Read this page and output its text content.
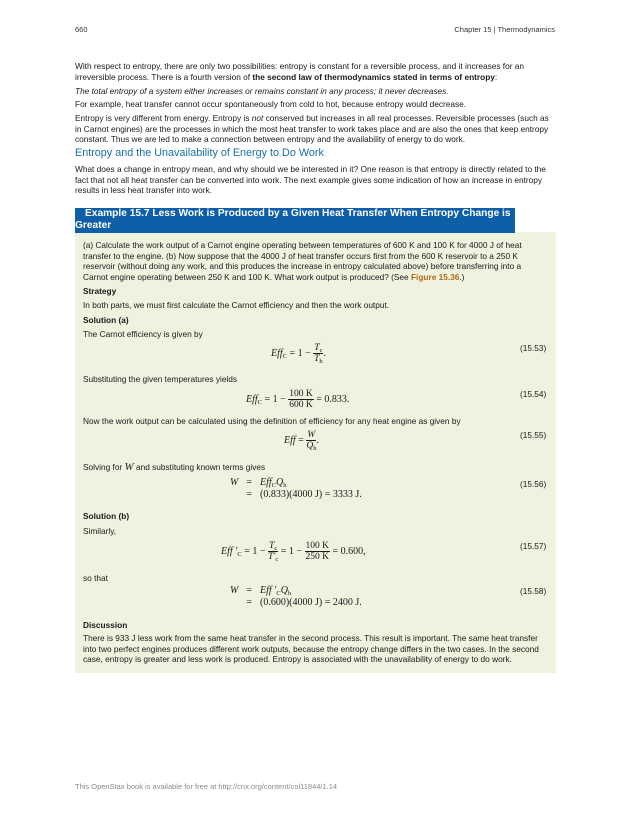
660	Chapter 15 | Thermodynamics
With respect to entropy, there are only two possibilities: entropy is constant for a reversible process, and it increases for an irreversible process. There is a fourth version of the second law of thermodynamics stated in terms of entropy:
The total entropy of a system either increases or remains constant in any process; it never decreases.
For example, heat transfer cannot occur spontaneously from cold to hot, because entropy would decrease.
Entropy is very different from energy. Entropy is not conserved but increases in all real processes. Reversible processes (such as in Carnot engines) are the processes in which the most heat transfer to work takes place and are also the ones that keep entropy constant. Thus we are led to make a connection between entropy and the availability of energy to do work.
Entropy and the Unavailability of Energy to Do Work
What does a change in entropy mean, and why should we be interested in it? One reason is that entropy is directly related to the fact that not all heat transfer can be converted into work. The next example gives some indication of how an increase in entropy results in less heat transfer into work.
Example 15.7 Less Work is Produced by a Given Heat Transfer When Entropy Change is Greater
(a) Calculate the work output of a Carnot engine operating between temperatures of 600 K and 100 K for 4000 J of heat transfer to the engine. (b) Now suppose that the 4000 J of heat transfer occurs first from the 600 K reservoir to a 250 K reservoir (without doing any work, and this produces the increase in entropy calculated above) before transferring into a Carnot engine operating between 250 K and 100 K. What work output is produced? (See Figure 15.36.)
Strategy
In both parts, we must first calculate the Carnot efficiency and then the work output.
Solution (a)
The Carnot efficiency is given by
$Eff_C = 1 - \frac{T_c}{T_h}$ .	(15.53)
Substituting the given temperatures yields
$Eff_C = 1 - \frac{100 K}{600 K} = 0.833$.	(15.54)
Now the work output can be calculated using the definition of efficiency for any heat engine as given by
Eff = $\frac{W}{Q_h}$ .	(15.55)
Solving for W and substituting known terms gives
W	=	$Eff_CQ_h$
	=	(0.833)(4000 J) = 3333 J.
(15.56)
Solution (b)
Similarly,
Eff $'_C = 1 - \frac{T_c}{T'_c} = 1 - \frac{100 K}{250 K} = 0.600$,	(15.57)
so that
W	=	Eff $'_CQ_h$
	=	(0.600)(4000 J) = 2400 J.
(15.58)
Discussion
There is 933 J less work from the same heat transfer in the second process. This result is important. The same heat transfer into two perfect engines produces different work outputs, because the entropy change differs in the two cases. In the second case, entropy is greater and less work is produced. Entropy is associated with the unavailability of energy to do work.
This OpenStax book is available for free at http://cnx.org/content/col11844/1.14
